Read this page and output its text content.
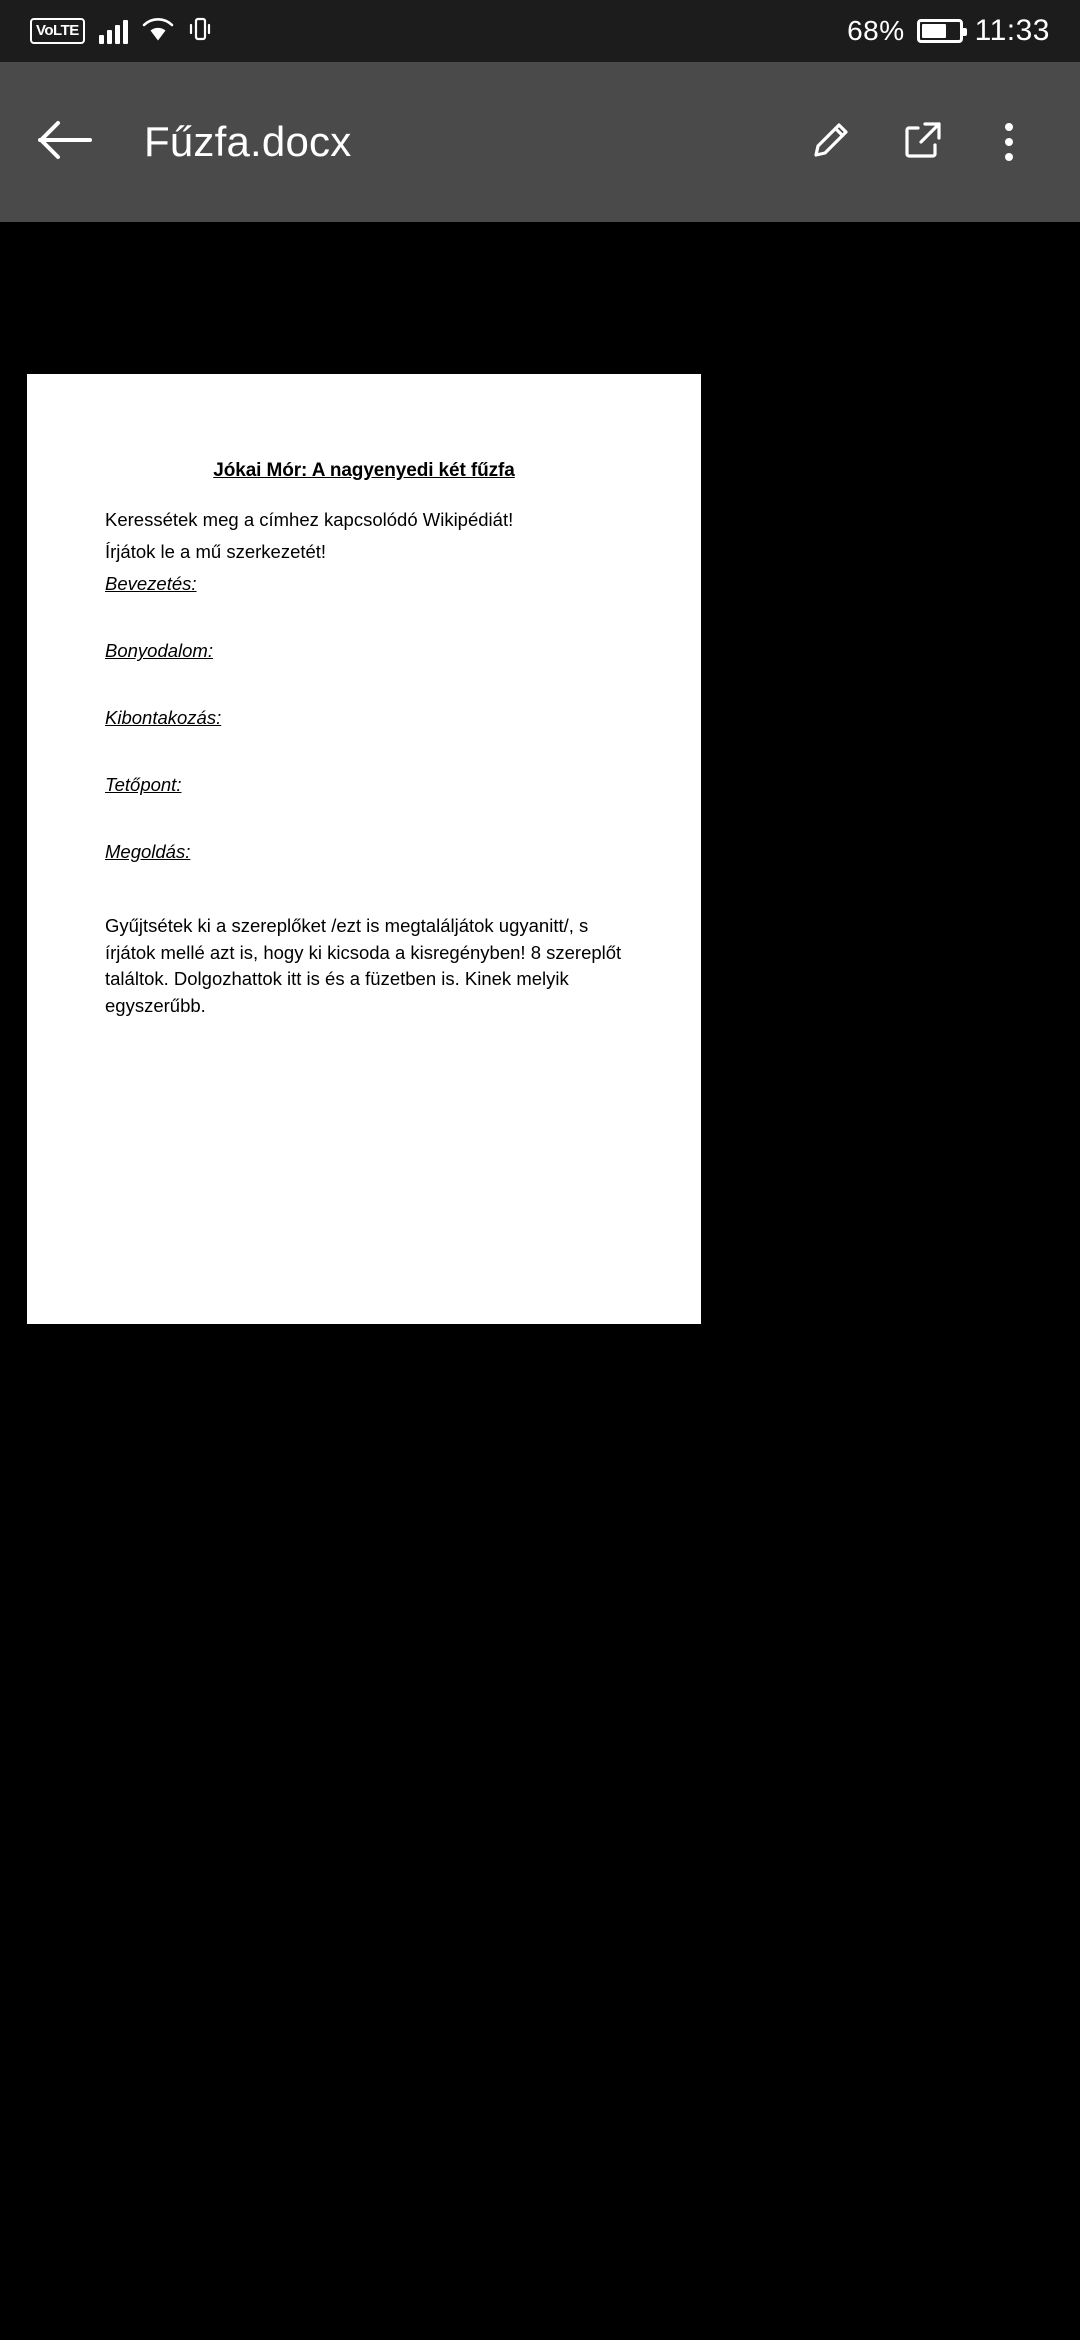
VoLTE	68% 11:33
Fűzfa.docx
Jókai Mór: A nagyenyedi két fűzfa
Keressétek meg a címhez kapcsolódó Wikipédiát!
Írjátok le a mű szerkezetét!
Bevezetés:
Bonyodalom:
Kibontakozás:
Tetőpont:
Megoldás:
Gyűjtsétek ki a szereplőket /ezt is megtaláljátok ugyanitt/, s írjátok mellé azt is, hogy ki kicsoda a kisregényben! 8 szereplőt találtok. Dolgozhattok itt is és a füzetben is. Kinek melyik egyszerűbb.
